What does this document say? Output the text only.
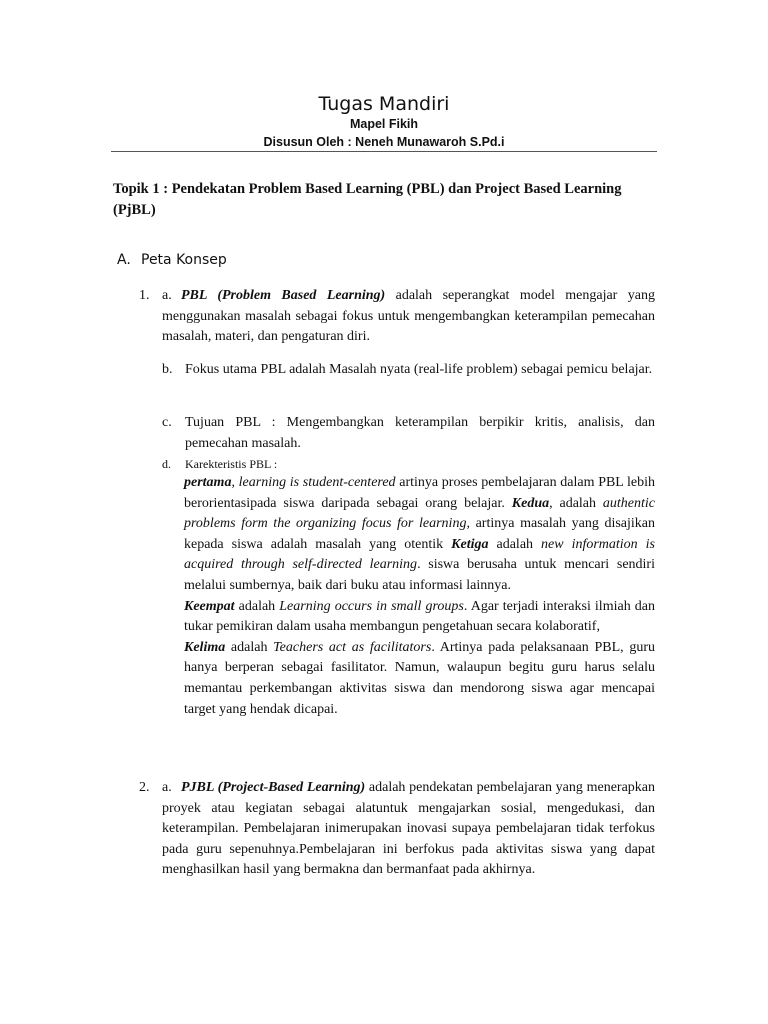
Tugas Mandiri
Mapel Fikih
Disusun Oleh : Neneh Munawaroh S.Pd.i
Topik 1 : Pendekatan Problem Based Learning (PBL) dan Project Based Learning (PjBL)
A. Peta Konsep
1. a. PBL (Problem Based Learning) adalah seperangkat model mengajar yang menggunakan masalah sebagai fokus untuk mengembangkan keterampilan pemecahan masalah, materi, dan pengaturan diri.

b. Fokus utama PBL adalah Masalah nyata (real-life problem) sebagai pemicu belajar.

c. Tujuan PBL : Mengembangkan keterampilan berpikir kritis, analisis, dan pemecahan masalah.

d. Karekteristis PBL :

pertama, learning is student-centered artinya proses pembelajaran dalam PBL lebih berorientasipada siswa daripada sebagai orang belajar. Kedua, adalah authentic problems form the organizing focus for learning, artinya masalah yang disajikan kepada siswa adalah masalah yang otentik Ketiga adalah new information is acquired through self-directed learning. siswa berusaha untuk mencari sendiri melalui sumbernya, baik dari buku atau informasi lainnya.
Keempat adalah Learning occurs in small groups. Agar terjadi interaksi ilmiah dan tukar pemikiran dalam usaha membangun pengetahuan secara kolaboratif,
Kelima adalah Teachers act as facilitators. Artinya pada pelaksanaan PBL, guru hanya berperan sebagai fasilitator. Namun, walaupun begitu guru harus selalu memantau perkembangan aktivitas siswa dan mendorong siswa agar mencapai target yang hendak dicapai.

2. a. PJBL (Project-Based Learning) adalah pendekatan pembelajaran yang menerapkan proyek atau kegiatan sebagai alatuntuk mengajarkan sosial, mengedukasi, dan keterampilan. Pembelajaran inimerupakan inovasi supaya pembelajaran tidak terfokus pada guru sepenuhnya.Pembelajaran ini berfokus pada aktivitas siswa yang dapat menghasilkan hasil yang bermakna dan bermanfaat pada akhirnya.
